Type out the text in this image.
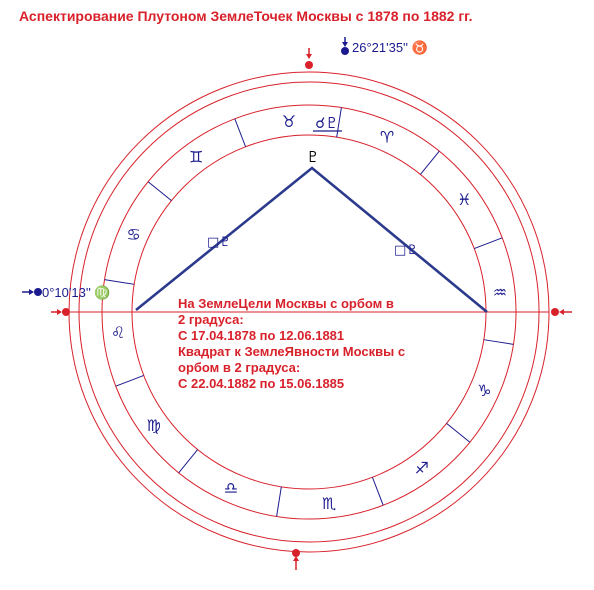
♉
♈
♓
♒
♑
♐
♏
♎
♍
♌
♋
♊
☌♇
♇
□♇
□♇
Аспектирование Плутоном ЗемлеТочек Москвы с 1878 по 1882 гг.
26°21'35'' ♉
0°10'13'' ♍
На ЗемлеЦели Москвы с орбом в
2 градуса:
С 17.04.1878 по 12.06.1881
Квадрат к ЗемлеЯвности Москвы с
орбом в 2 градуса:
С 22.04.1882 по 15.06.1885
